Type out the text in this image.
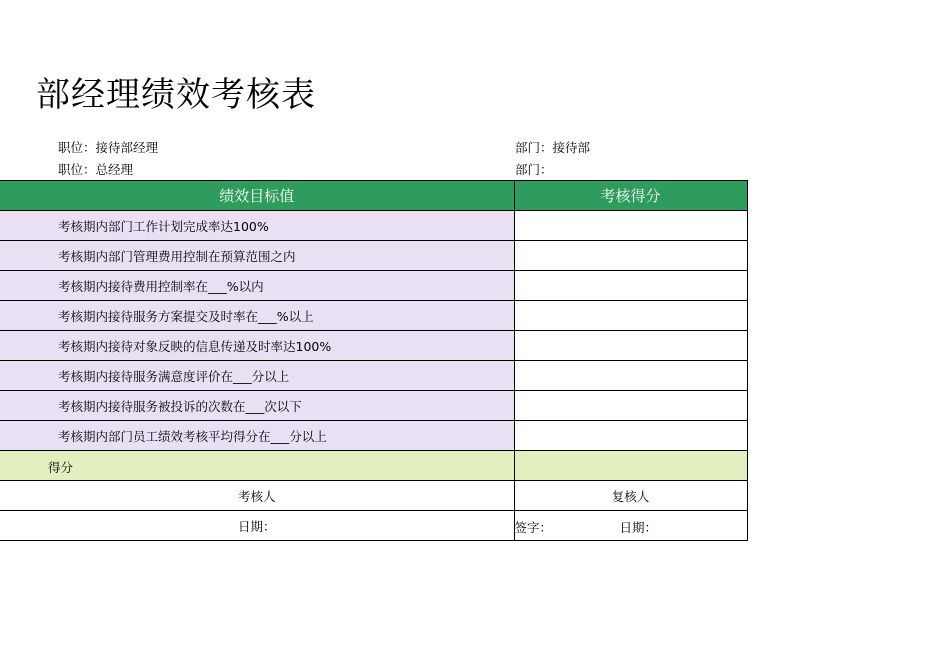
部经理绩效考核表
职位：接待部经理	部门：接待部
职位：总经理	部门：
绩效目标值	考核得分
考核期内部门工作计划完成率达100%	
考核期内部门管理费用控制在预算范围之内	
考核期内接待费用控制率在___%以内	
考核期内接待服务方案提交及时率在___%以上	
考核期内接待对象反映的信息传递及时率达100%	
考核期内接待服务满意度评价在___分以上	
考核期内接待服务被投诉的次数在___次以下	
考核期内部门员工绩效考核平均得分在___分以上	

得分	

考核人	复核人
日期：	签字： 日期：
